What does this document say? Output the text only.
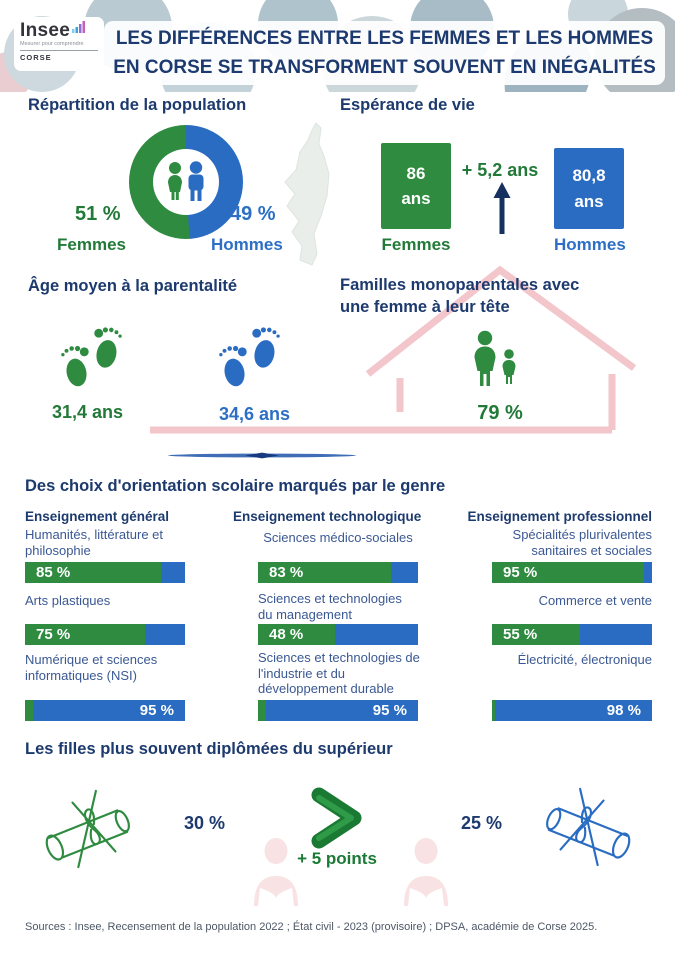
Insee
Mesurer pour comprendre
CORSE
LES DIFFÉRENCES ENTRE LES FEMMES ET LES HOMMES
EN CORSE SE TRANSFORMENT SOUVENT EN INÉGALITÉS
Répartition de la population
51 %	49 %
Femmes	Hommes
Espérance de vie
86
ans
80,8
ans
+ 5,2 ans
Femmes	Hommes
Âge moyen à la parentalité
31,4 ans	34,6 ans
Familles monoparentales avec
une femme à leur tête
79 %
Des choix d'orientation scolaire marqués par le genre
Enseignement général
Humanités, littérature et philosophie
85 %
Arts plastiques
75 %
Numérique et sciences informatiques (NSI)
95 %
Enseignement technologique
Sciences médico-sociales
83 %
Sciences et technologies du management
48 %
Sciences et technologies de l'industrie et du développement durable
95 %
Enseignement professionnel
Spécialités plurivalentes sanitaires et sociales
95 %
Commerce et vente
55 %
Électricité, électronique
98 %
Les filles plus souvent diplômées du supérieur
30 %
+ 5 points
25 %
Sources : Insee, Recensement de la population 2022 ; État civil - 2023 (provisoire) ; DPSA, académie de Corse 2025.
